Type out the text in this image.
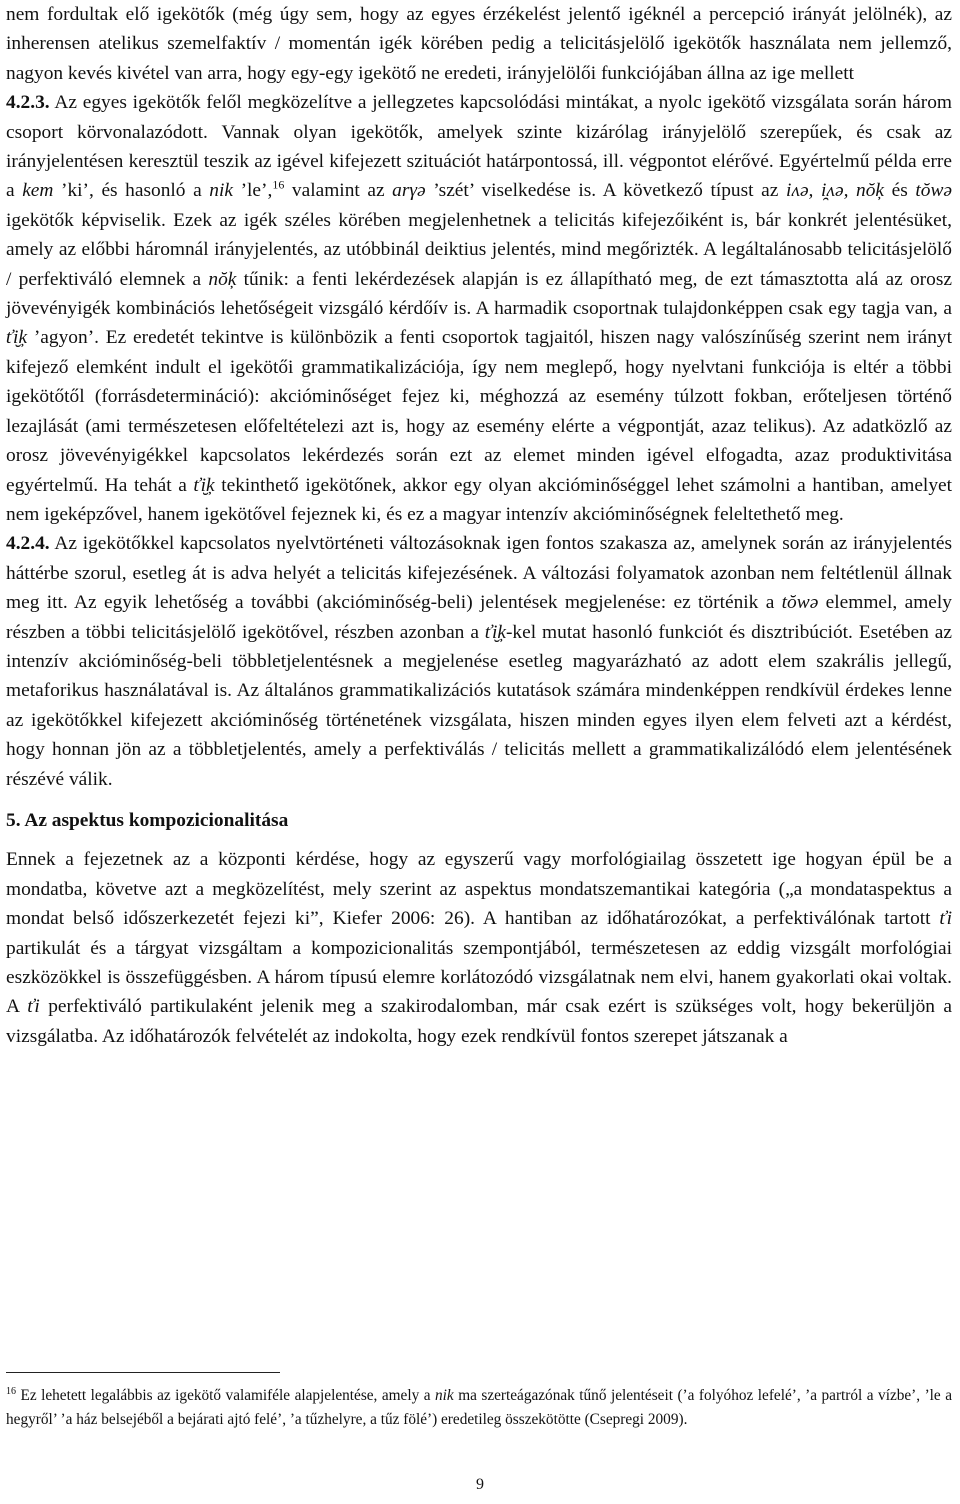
nem fordultak elő igekötők (még úgy sem, hogy az egyes érzékelést jelentő igéknél a percepció irányát jelölnék), az inherensen atelikus szemelfaktív / momentán igék körében pedig a telicitásjelölő igekötők használata nem jellemző, nagyon kevés kivétel van arra, hogy egy-egy igekötő ne eredeti, irányjelölői funkciójában állna az ige mellett

4.2.3. Az egyes igekötők felől megközelítve a jellegzetes kapcsolódási mintákat, a nyolc igekötő vizsgálata során három csoport körvonalazódott. Vannak olyan igekötők, amelyek szinte kizárólag irányjelölő szerepűek, és csak az irányjelentésen keresztül teszik az igével kifejezett szituációt határpontossá, ill. végpontot elérővé. Egyértelmű példa erre a kem ’ki’, és hasonló a nik ’le’,$^{16}$ valamint az arγə ’szét’ viselkedése is. A következő típust az iʌə, i̯ʌə, nŏķ és tŏwə igekötők képviselik. Ezek az igék széles körében megjelenhetnek a telicitás kifejezőiként is, bár konkrét jelentésüket, amely az előbbi háromnál irányjelentés, az utóbbinál deiktius jelentés, mind megőrizték. A legáltalánosabb telicitásjelölő / perfektiváló elemnek a nŏķ tűnik: a fenti lekérdezések alapján is ez állapítható meg, de ezt támasztotta alá az orosz jövevényigék kombinációs lehetőségeit vizsgáló kérdőív is. A harmadik csoportnak tulajdonképpen csak egy tagja van, a ťi̮ķ ’agyon’. Ez eredetét tekintve is különbözik a fenti csoportok tagjaitól, hiszen nagy valószínűség szerint nem irányt kifejező elemként indult el igekötői grammatikalizációja, így nem meglepő, hogy nyelvtani funkciója is eltér a többi igekötőtől (forrásdetermináció): akcióminőséget fejez ki, méghozzá az esemény túlzott fokban, erőteljesen történő lezajlását (ami természetesen előfeltételezi azt is, hogy az esemény elérte a végpontját, azaz telikus). Az adatközlő az orosz jövevényigékkel kapcsolatos lekérdezés során ezt az elemet minden igével elfogadta, azaz produktivitása egyértelmű. Ha tehát a ťi̮ķ tekinthető igekötőnek, akkor egy olyan akcióminőséggel lehet számolni a hantiban, amelyet nem igeképzővel, hanem igekötővel fejeznek ki, és ez a magyar intenzív akcióminőségnek feleltethető meg.

4.2.4. Az igekötőkkel kapcsolatos nyelvtörténeti változásoknak igen fontos szakasza az, amelynek során az irányjelentés háttérbe szorul, esetleg át is adva helyét a telicitás kifejezésének. A változási folyamatok azonban nem feltétlenül állnak meg itt. Az egyik lehetőség a további (akcióminőség-beli) jelentések megjelenése: ez történik a tŏwə elemmel, amely részben a többi telicitásjelölő igekötővel, részben azonban a ťi̮ķ-kel mutat hasonló funkciót és disztribúciót. Esetében az intenzív akcióminőség-beli többletjelentésnek a megjelenése esetleg magyarázható az adott elem szakrális jellegű, metaforikus használatával is. Az általános grammatikalizációs kutatások számára mindenképpen rendkívül érdekes lenne az igekötőkkel kifejezett akcióminőség történetének vizsgálata, hiszen minden egyes ilyen elem felveti azt a kérdést, hogy honnan jön az a többletjelentés, amely a perfektiválás / telicitás mellett a grammatikalizálódó elem jelentésének részévé válik.

5. Az aspektus kompozicionalitása

Ennek a fejezetnek az a központi kérdése, hogy az egyszerű vagy morfológiailag összetett ige hogyan épül be a mondatba, követve azt a megközelítést, mely szerint az aspektus mondatszemantikai kategória („a mondataspektus a mondat belső időszerkezetét fejezi ki”, Kiefer 2006: 26). A hantiban az időhatározókat, a perfektiválónak tartott ťi partikulát és a tárgyat vizsgáltam a kompozicionalitás szempontjából, természetesen az eddig vizsgált morfológiai eszközökkel is összefüggésben. A három típusú elemre korlátozódó vizsgálatnak nem elvi, hanem gyakorlati okai voltak. A ťi perfektiváló partikulaként jelenik meg a szakirodalomban, már csak ezért is szükséges volt, hogy bekerüljön a vizsgálatba. Az időhatározók felvételét az indokolta, hogy ezek rendkívül fontos szerepet játszanak a

$^{16}$ Ez lehetett legalábbis az igekötő valamiféle alapjelentése, amely a nik ma szerteágazónak tűnő jelentéseit (’a folyóhoz lefelé’, ’a partról a vízbe’, ’le a hegyről’ ’a ház belsejéből a bejárati ajtó felé’, ’a tűzhelyre, a tűz fölé’) eredetileg összekötötte (Csepregi 2009).
9
